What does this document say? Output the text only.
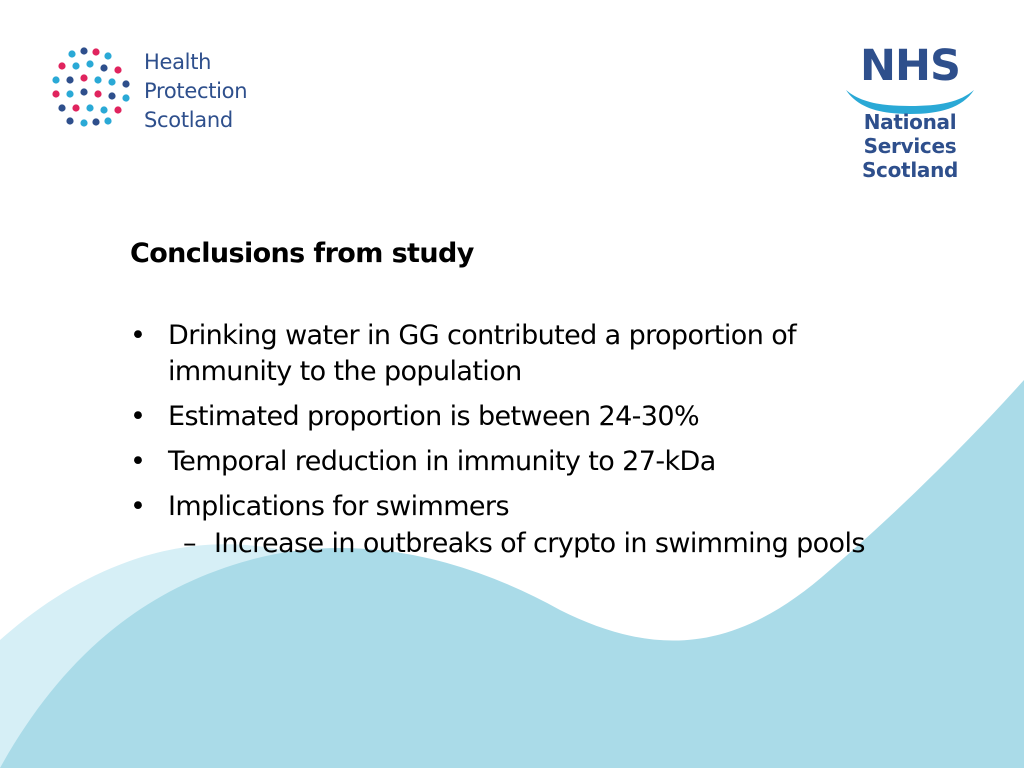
Health
Protection
Scotland
NHS
National
Services
Scotland
Conclusions from study
• Drinking water in GG contributed a proportion of immunity to the population
• Estimated proportion is between 24-30%
• Temporal reduction in immunity to 27-kDa
• Implications for swimmers
– Increase in outbreaks of crypto in swimming pools
